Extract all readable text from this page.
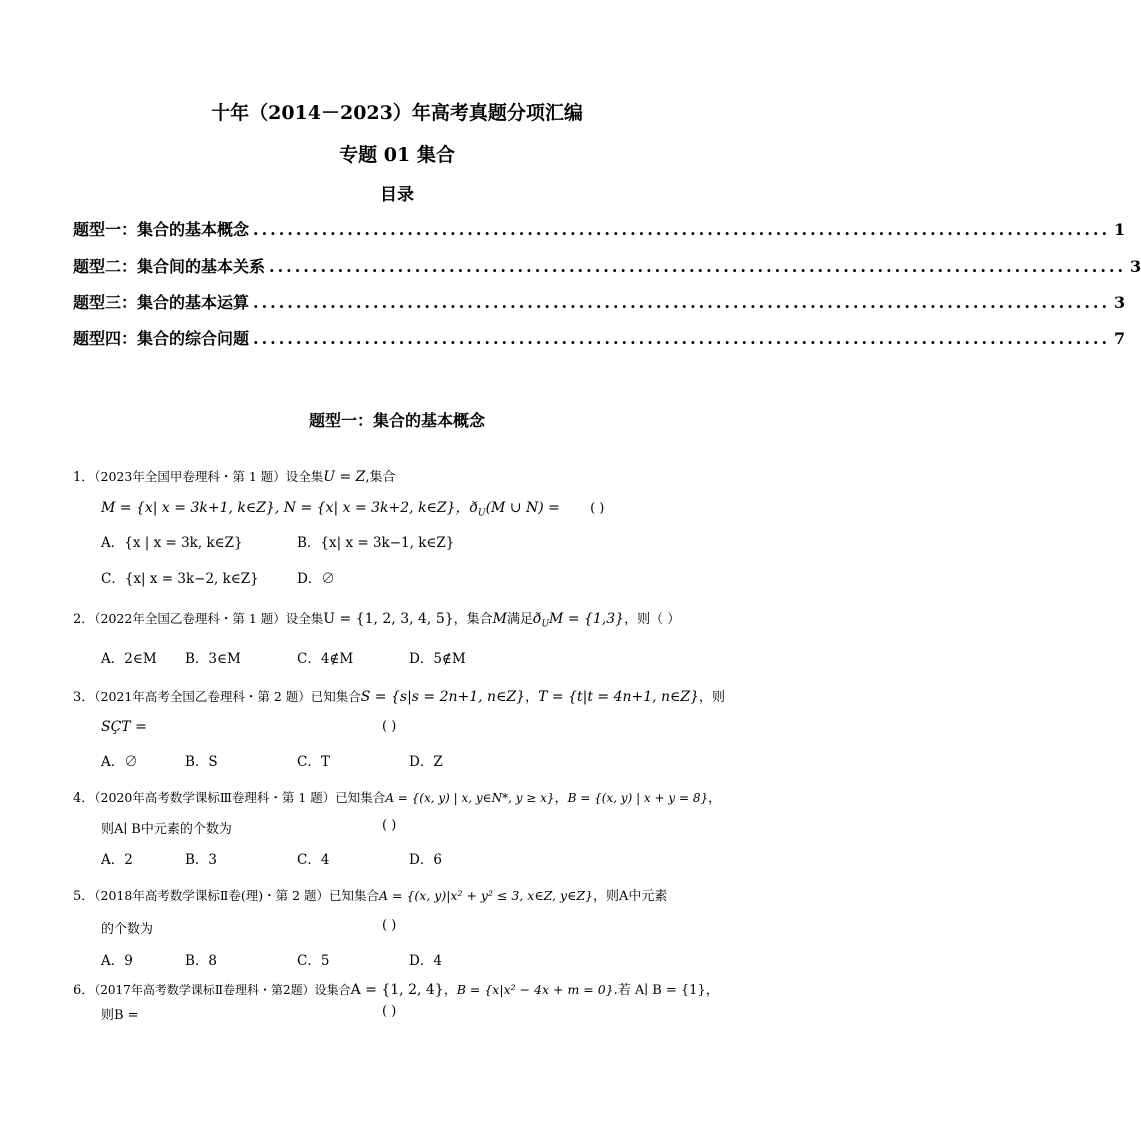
十年（2014－2023）年高考真题分项汇编
专题 01 集合
目录
题型一：集合的基本概念 .................................................................................................... 1
题型二：集合间的基本关系 .................................................................................................... 3
题型三：集合的基本运算 .................................................................................................... 3
题型四：集合的综合问题 .................................................................................................... 7
题型一：集合的基本概念
1．（2023年全国甲卷理科・第 1 题）设全集U = Z,集合
M = {x| x = 3k+1, k∈Z}, N = {x| x = 3k+2, k∈Z}，$ð_U(M$ ∪ N) = ( )
A．{x | x = 3k, k∈Z}	B．{x| x = 3k−1, k∈Z}
C．{x| x = 3k−2, k∈Z}	D．∅
2．（2022年全国乙卷理科・第 1 题）设全集U = {1, 2, 3, 4, 5}，集合M满足$ð_UM = \{1,3\}$，则（ ）
A．2∈M B．3∈M	C．4∉M	D．5∉M
3．（2021年高考全国乙卷理科・第 2 题）已知集合S = {s|s = 2n+1, n∈Z}，T = {t|t = 4n+1, n∈Z}，则
SÇT =	( )
A．∅	B．S	C．T	D．Z
4．（2020年高考数学课标Ⅲ卷理科・第 1 题）已知集合A = {(x, y) | x, y∈N*, y ≥ x}，B = {(x, y) | x + y = 8}，
则A∣ B中元素的个数为	( )
A．2	B．3	C．4	D．6
5．（2018年高考数学课标Ⅱ卷(理)・第 2 题）已知集合A = {(x, y)|x² + y² ≤ 3, x∈Z, y∈Z}，则A中元素
的个数为	( )
A．9	B．8	C．5	D．4
6．（2017年高考数学课标Ⅱ卷理科・第2题）设集合A = {1, 2, 4}，B = {x|x² − 4x + m = 0}.若 A∣ B = {1}，
则B =	( )
